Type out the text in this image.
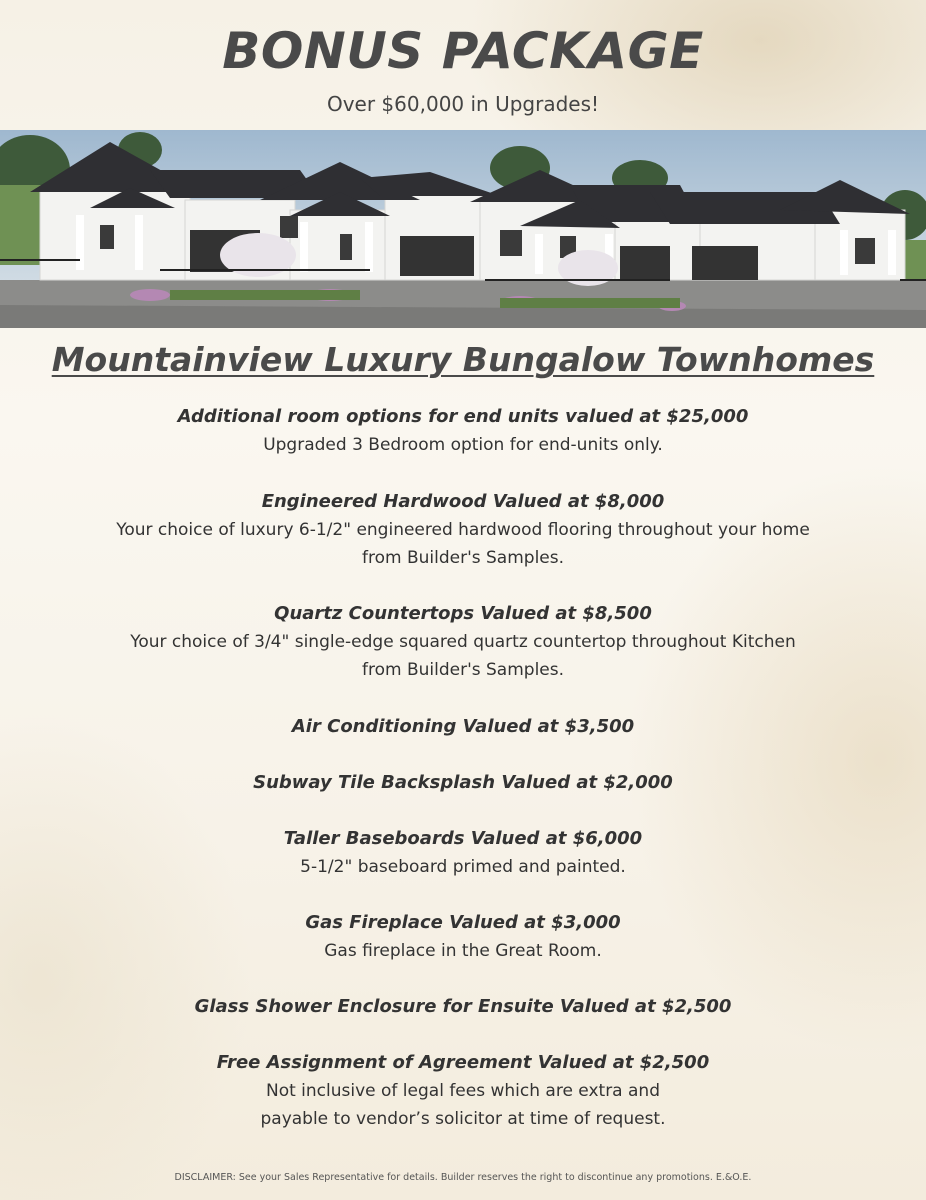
BONUS PACKAGE
Over $60,000 in Upgrades!
Mountainview Luxury Bungalow Townhomes
Additional room options for end units valued at $25,000
Upgraded 3 Bedroom option for end-units only.
Engineered Hardwood Valued at $8,000
Your choice of luxury 6-1/2" engineered hardwood flooring throughout your home
from Builder's Samples.
Quartz Countertops Valued at $8,500
Your choice of 3/4" single-edge squared quartz countertop throughout Kitchen
from Builder's Samples.
Air Conditioning Valued at $3,500
Subway Tile Backsplash Valued at $2,000
Taller Baseboards Valued at $6,000
5-1/2" baseboard primed and painted.
Gas Fireplace Valued at $3,000
Gas fireplace in the Great Room.
Glass Shower Enclosure for Ensuite Valued at $2,500
Free Assignment of Agreement Valued at $2,500
Not inclusive of legal fees which are extra and
payable to vendor’s solicitor at time of request.
DISCLAIMER: See your Sales Representative for details. Builder reserves the right to discontinue any promotions. E.&O.E.
